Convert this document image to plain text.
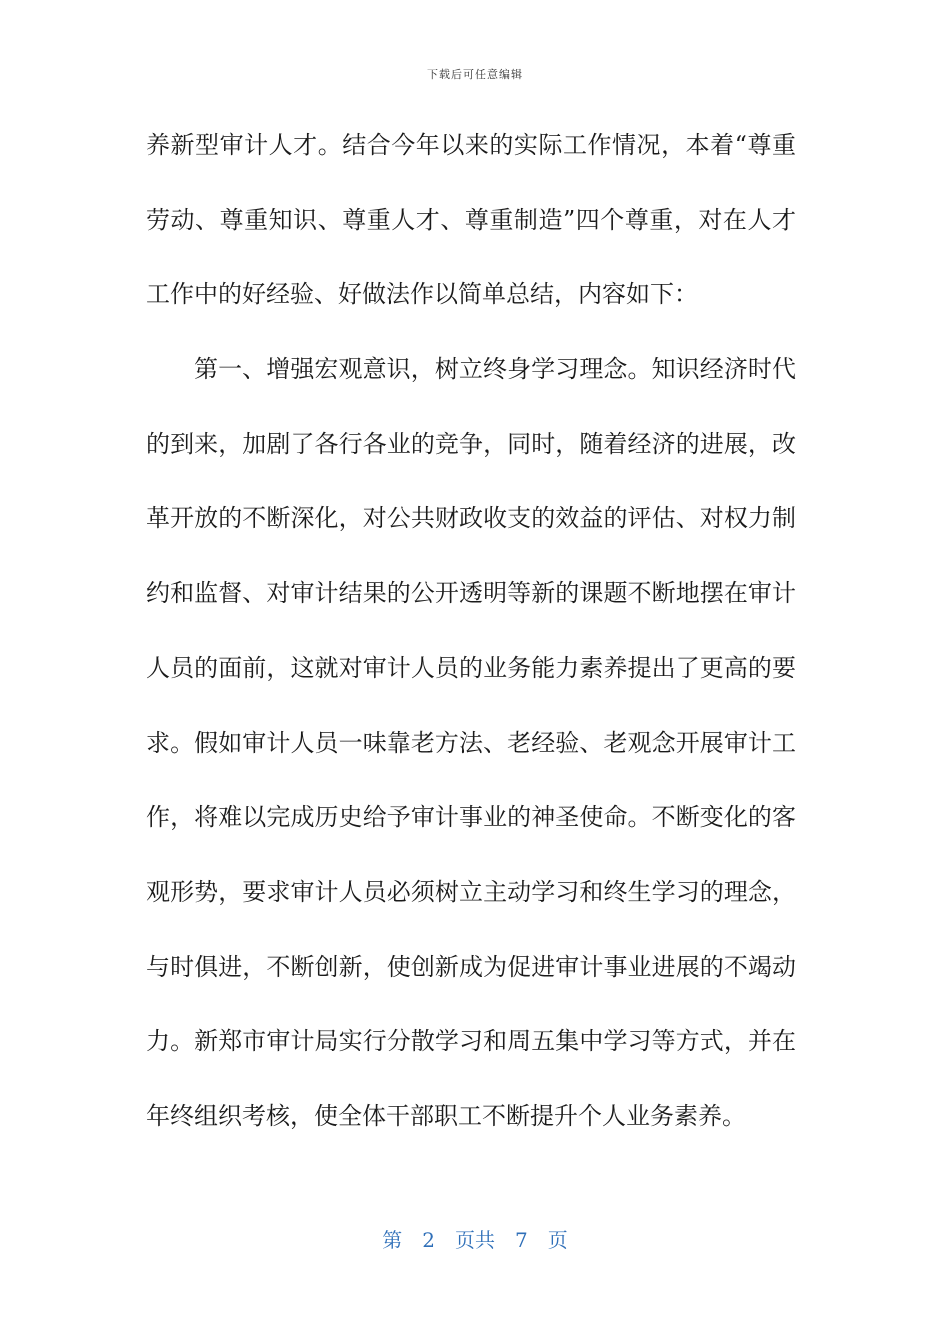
下载后可任意编辑
养新型审计人才。结合今年以来的实际工作情况，本着“尊重
劳动、尊重知识、尊重人才、尊重制造”四个尊重，对在人才
工作中的好经验、好做法作以简单总结，内容如下：
第一、增强宏观意识，树立终身学习理念。知识经济时代
的到来，加剧了各行各业的竞争，同时，随着经济的进展，改
革开放的不断深化，对公共财政收支的效益的评估、对权力制
约和监督、对审计结果的公开透明等新的课题不断地摆在审计
人员的面前，这就对审计人员的业务能力素养提出了更高的要
求。假如审计人员一味靠老方法、老经验、老观念开展审计工
作，将难以完成历史给予审计事业的神圣使命。不断变化的客
观形势，要求审计人员必须树立主动学习和终生学习的理念，
与时俱进，不断创新，使创新成为促进审计事业进展的不竭动
力。新郑市审计局实行分散学习和周五集中学习等方式，并在
年终组织考核，使全体干部职工不断提升个人业务素养。
第 2 页共 7 页
